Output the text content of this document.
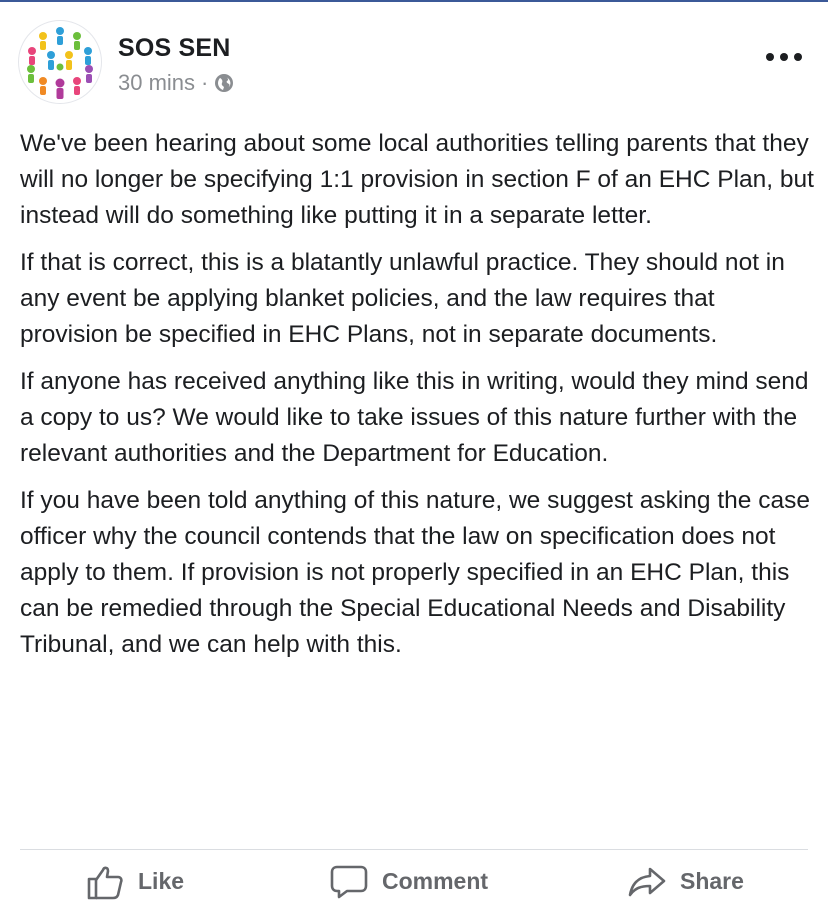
SOS SEN
30 mins ·

We've been hearing about some local authorities telling parents that they will no longer be specifying 1:1 provision in section F of an EHC Plan, but instead will do something like putting it in a separate letter.

If that is correct, this is a blatantly unlawful practice. They should not in any event be applying blanket policies, and the law requires that provision be specified in EHC Plans, not in separate documents.

If anyone has received anything like this in writing, would they mind send a copy to us? We would like to take issues of this nature further with the relevant authorities and the Department for Education.

If you have been told anything of this nature, we suggest asking the case officer why the council contends that the law on specification does not apply to them. If provision is not properly specified in an EHC Plan, this can be remedied through the Special Educational Needs and Disability Tribunal, and we can help with this.

Like	Comment	Share
